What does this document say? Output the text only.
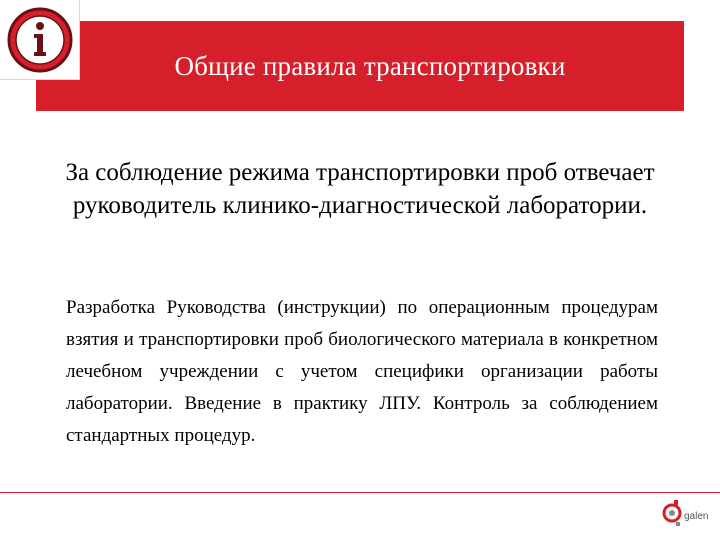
Общие правила транспортировки
За соблюдение режима транспортировки проб отвечает руководитель клинико-диагностической лаборатории.
Разработка Руководства (инструкции) по операционным процедурам взятия и транспортировки проб биологического материала в конкретном лечебном учреждении с учетом специфики организации работы лаборатории. Введение в практику ЛПУ. Контроль за соблюдением стандартных процедур.
galen
